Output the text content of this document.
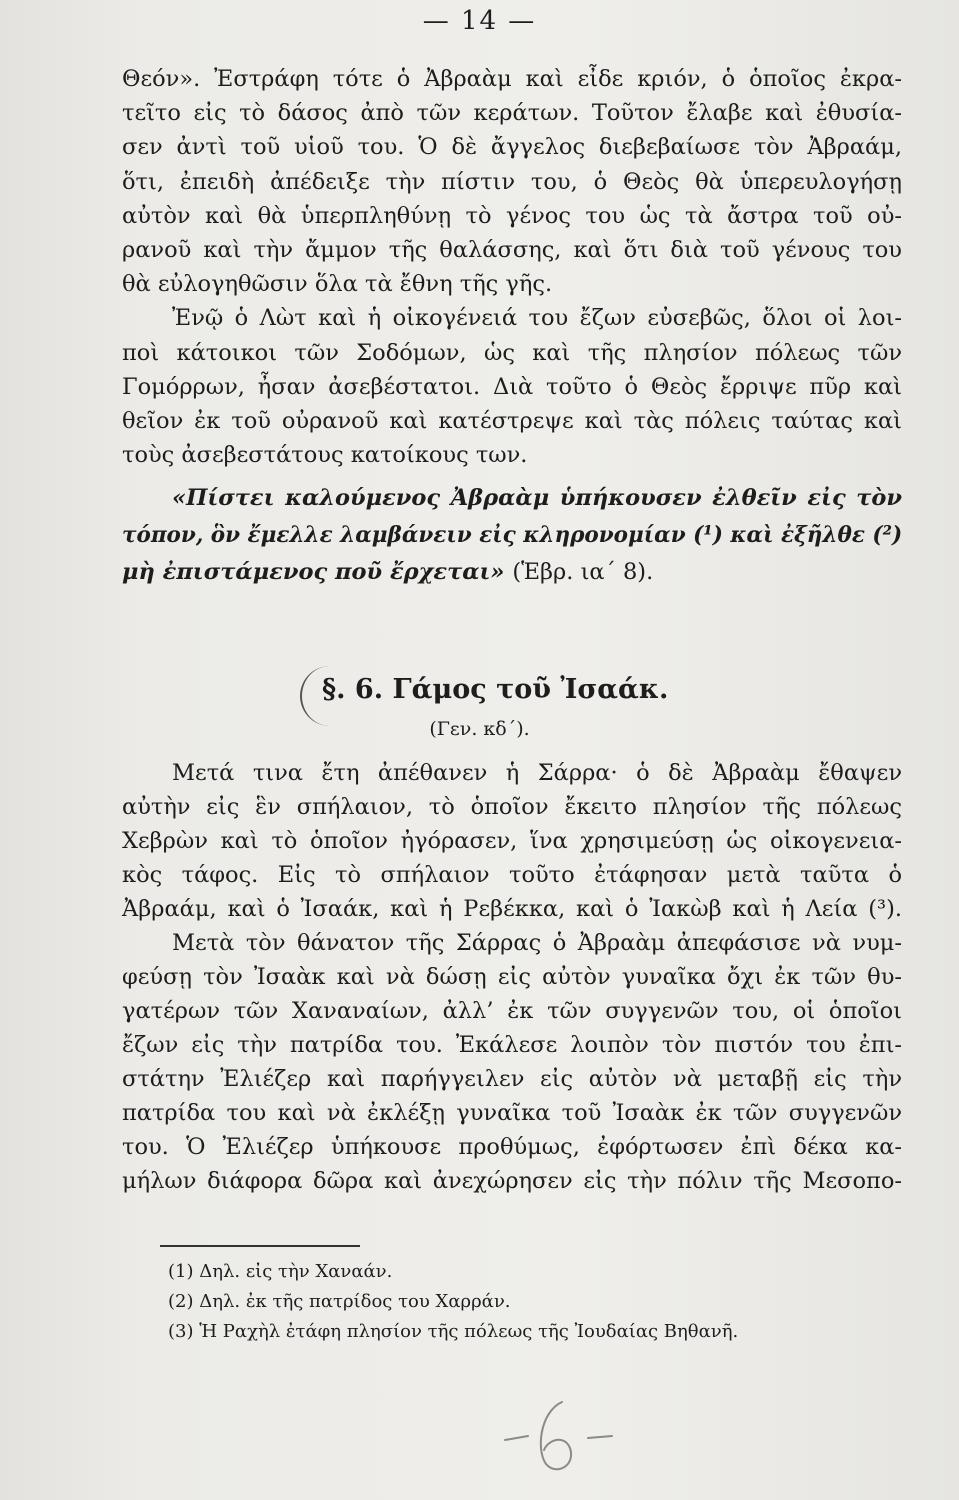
— 14 —
Θεόν». Ἐστράφη τότε ὁ Ἀβραὰμ καὶ εἶδε κριόν, ὁ ὁποῖος ἐκρα-
τεῖτο εἰς τὸ δάσος ἀπὸ τῶν κεράτων. Τοῦτον ἔλαβε καὶ ἐθυσία-
σεν ἀντὶ τοῦ υἱοῦ του. Ὁ δὲ ἄγγελος διεβεβαίωσε τὸν Ἀβραάμ,
ὅτι, ἐπειδὴ ἀπέδειξε τὴν πίστιν του, ὁ Θεὸς θὰ ὑπερευλογήσῃ
αὐτὸν καὶ θὰ ὑπερπληθύνῃ τὸ γένος του ὡς τὰ ἄστρα τοῦ οὐ-
ρανοῦ καὶ τὴν ἄμμον τῆς θαλάσσης, καὶ ὅτι διὰ τοῦ γένους του
θὰ εὐλογηθῶσιν ὅλα τὰ ἔθνη τῆς γῆς.
Ἐνῷ ὁ Λὼτ καὶ ἡ οἰκογένειά του ἔζων εὐσεβῶς, ὅλοι οἱ λοι-
ποὶ κάτοικοι τῶν Σοδόμων, ὡς καὶ τῆς πλησίον πόλεως τῶν
Γομόρρων, ἦσαν ἀσεβέστατοι. Διὰ τοῦτο ὁ Θεὸς ἔρριψε πῦρ καὶ
θεῖον ἐκ τοῦ οὐρανοῦ καὶ κατέστρεψε καὶ τὰς πόλεις ταύτας καὶ
τοὺς ἀσεβεστάτους κατοίκους των.
«Πίστει καλούμενος Ἀβραὰμ ὑπήκουσεν ἐλθεῖν εἰς τὸν
τόπον, ὃν ἔμελλε λαμβάνειν εἰς κληρονομίαν (¹) καὶ ἐξῆλθε (²)
μὴ ἐπιστάμενος ποῦ ἔρχεται» (Ἑβρ. ια΄ 8).
§. 6. Γάμος τοῦ Ἰσαάκ.
(Γεν. κδ΄).
Μετά τινα ἔτη ἀπέθανεν ἡ Σάρρα· ὁ δὲ Ἀβραὰμ ἔθαψεν
αὐτὴν εἰς ἓν σπήλαιον, τὸ ὁποῖον ἔκειτο πλησίον τῆς πόλεως
Χεβρὼν καὶ τὸ ὁποῖον ἠγόρασεν, ἵνα χρησιμεύσῃ ὡς οἰκογενεια-
κὸς τάφος. Εἰς τὸ σπήλαιον τοῦτο ἐτάφησαν μετὰ ταῦτα ὁ
Ἀβραάμ, καὶ ὁ Ἰσαάκ, καὶ ἡ Ρεβέκκα, καὶ ὁ Ἰακὼβ καὶ ἡ Λεία (³).
Μετὰ τὸν θάνατον τῆς Σάρρας ὁ Ἀβραὰμ ἀπεφάσισε νὰ νυμ-
φεύσῃ τὸν Ἰσαὰκ καὶ νὰ δώσῃ εἰς αὐτὸν γυναῖκα ὄχι ἐκ τῶν θυ-
γατέρων τῶν Χαναναίων, ἀλλ’ ἐκ τῶν συγγενῶν του, οἱ ὁποῖοι
ἔζων εἰς τὴν πατρίδα του. Ἐκάλεσε λοιπὸν τὸν πιστόν του ἐπι-
στάτην Ἐλιέζερ καὶ παρήγγειλεν εἰς αὐτὸν νὰ μεταβῇ εἰς τὴν
πατρίδα του καὶ νὰ ἐκλέξῃ γυναῖκα τοῦ Ἰσαὰκ ἐκ τῶν συγγενῶν
του. Ὁ Ἐλιέζερ ὑπήκουσε προθύμως, ἐφόρτωσεν ἐπὶ δέκα κα-
μήλων διάφορα δῶρα καὶ ἀνεχώρησεν εἰς τὴν πόλιν τῆς Μεσοπο-
(1) Δηλ. εἰς τὴν Χαναάν.
(2) Δηλ. ἐκ τῆς πατρίδος του Χαρράν.
(3) Ἡ Ραχὴλ ἐτάφη πλησίον τῆς πόλεως τῆς Ἰουδαίας Βηθανῆ.
